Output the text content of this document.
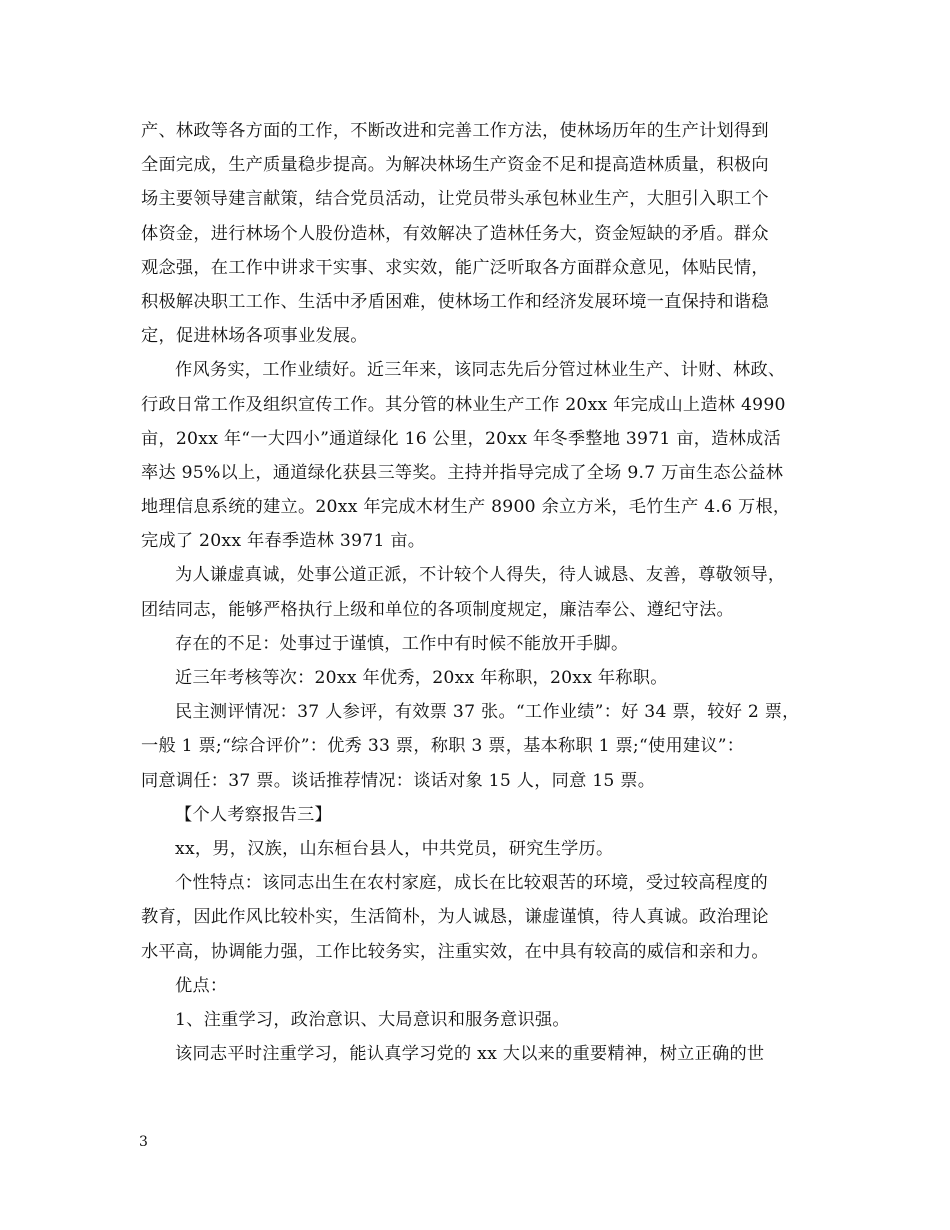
产、林政等各方面的工作，不断改进和完善工作方法，使林场历年的生产计划得到
全面完成，生产质量稳步提高。为解决林场生产资金不足和提高造林质量，积极向
场主要领导建言献策，结合党员活动，让党员带头承包林业生产，大胆引入职工个
体资金，进行林场个人股份造林，有效解决了造林任务大，资金短缺的矛盾。群众
观念强，在工作中讲求干实事、求实效，能广泛听取各方面群众意见，体贴民情，
积极解决职工工作、生活中矛盾困难，使林场工作和经济发展环境一直保持和谐稳
定，促进林场各项事业发展。
作风务实，工作业绩好。近三年来，该同志先后分管过林业生产、计财、林政、
行政日常工作及组织宣传工作。其分管的林业生产工作 20xx 年完成山上造林 4990
亩，20xx 年“一大四小”通道绿化 16 公里，20xx 年冬季整地 3971 亩，造林成活
率达 95%以上，通道绿化获县三等奖。主持并指导完成了全场 9.7 万亩生态公益林
地理信息系统的建立。20xx 年完成木材生产 8900 余立方米，毛竹生产 4.6 万根，
完成了 20xx 年春季造林 3971 亩。
为人谦虚真诚，处事公道正派，不计较个人得失，待人诚恳、友善，尊敬领导，
团结同志，能够严格执行上级和单位的各项制度规定，廉洁奉公、遵纪守法。
存在的不足：处事过于谨慎，工作中有时候不能放开手脚。
近三年考核等次：20xx 年优秀，20xx 年称职，20xx 年称职。
民主测评情况：37 人参评，有效票 37 张。“工作业绩”：好 34 票，较好 2 票，
一般 1 票;“综合评价”：优秀 33 票，称职 3 票，基本称职 1 票;“使用建议”：
同意调任：37 票。谈话推荐情况：谈话对象 15 人，同意 15 票。
【个人考察报告三】
xx，男，汉族，山东桓台县人，中共党员，研究生学历。
个性特点：该同志出生在农村家庭，成长在比较艰苦的环境，受过较高程度的
教育，因此作风比较朴实，生活简朴，为人诚恳，谦虚谨慎，待人真诚。政治理论
水平高，协调能力强，工作比较务实，注重实效，在中具有较高的威信和亲和力。
优点：
1、注重学习，政治意识、大局意识和服务意识强。
该同志平时注重学习，能认真学习党的 xx 大以来的重要精神，树立正确的世
3
